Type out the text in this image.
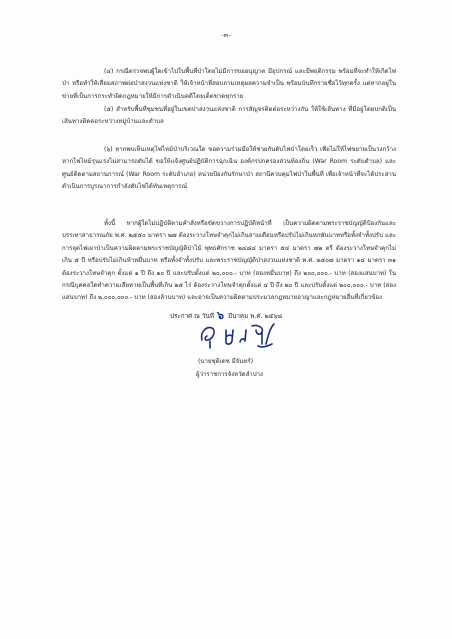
-๓-
(๔) กรณีตรวจพบผู้ใดเข้าไปในพื้นที่ป่าโดยไม่มีการขออนุญาต มีอุปกรณ์ และมีพฤติกรรม พร้อมที่จะทำให้เกิดไฟป่า หรือทำให้เสื่อมสภาพต่อป่าสงวนแห่งชาติ ให้เจ้าหน้าที่สอบถามเหตุผลความจำเป็น พร้อมบันทึกรายชื่อไว้ทุกครั้ง แต่หากอยู่ในข่ายที่เป็นการกระทำผิดกฎหมายให้มีการดำเนินคดีโดยเด็ดขาดทุกราย
(๕) สำหรับพื้นที่ชุมชนที่อยู่ในเขตป่าสงวนแห่งชาติ การสัญจรติดต่อระหว่างกัน ให้ใช้เส้นทาง ที่มีอยู่โดยปกติเป็นเส้นทางติดต่อระหว่างหมู่บ้านและตำบล
(๖) หากพบเห็นเหตุไฟไหม้ป่าบริเวณใด ขอความร่วมมือให้ช่วยกันดับไฟป่าโดยเร็ว เพื่อไม่ให้ไฟขยายเป็นวงกว้าง หากไฟไหม้รุนแรงไม่สามารถดับได้ ขอให้แจ้งศูนย์ปฏิบัติการฉุกเฉิน องค์กรปกครองส่วนท้องถิ่น (War Room ระดับตำบล) และศูนย์ติดตามสถานการณ์ (War Room ระดับอำเภอ) หน่วยป้องกันรักษาป่า สถานีควบคุมไฟป่าในพื้นที่ เพื่อเจ้าหน้าที่จะได้ประสานดำเนินการบูรณาการกำลังดับไฟได้ทันเหตุการณ์
ทั้งนี้ หากผู้ใดไม่ปฏิบัติตามคำสั่งหรือขัดขวางการปฏิบัติหน้าที่ เป็นความผิดตามพระราชบัญญัติป้องกันและบรรเทาสาธารณภัย พ.ศ. ๒๕๕๐ มาตรา ๒๗ ต้องระวางโทษจำคุกไม่เกินสามเดือนหรือปรับไม่เกินหกพันบาทหรือทั้งจำทั้งปรับ และการจุดไฟเผาป่าเป็นความผิดตามพระราชบัญญัติป่าไม้ พุทธศักราช ๒๔๘๔ มาตรา ๕๔ มาตรา ๗๒ ตรี ต้องระวางโทษจำคุกไม่เกิน ๕ ปี หรือปรับไม่เกินห้าหมื่นบาท หรือทั้งจำทั้งปรับ และพระราชบัญญัติป่าสงวนแห่งชาติ พ.ศ. ๒๕๐๗ มาตรา ๑๔ มาตรา ๓๑ ต้องระวางโทษจำคุก ตั้งแต่ ๑ ปี ถึง ๑๐ ปี และปรับตั้งแต่ ๒๐,๐๐๐.- บาท (สองหมื่นบาท) ถึง ๒๐๐,๐๐๐.- บาท (สองแสนบาท) ในกรณีบุคคลใดทำความเสียหายเป็นพื้นที่เกิน ๒๕ ไร่ ต้องระวางโทษจำคุกตั้งแต่ ๔ ปี ถึง ๒๐ ปี และปรับตั้งแต่ ๒๐๐,๐๐๐.- บาท (สองแสนบาท) ถึง ๒,๐๐๐,๐๐๐.- บาท (สองล้านบาท) และอาจเป็นความผิดตามประมวลกฎหมายอาญาและกฎหมายอื่นที่เกี่ยวข้อง
ประกาศ ณ วันที่ ๖ มีนาคม พ.ศ. ๒๕๖๘
(นายชุติเดช มีจันทร์)
ผู้ว่าราชการจังหวัดลำปาง
